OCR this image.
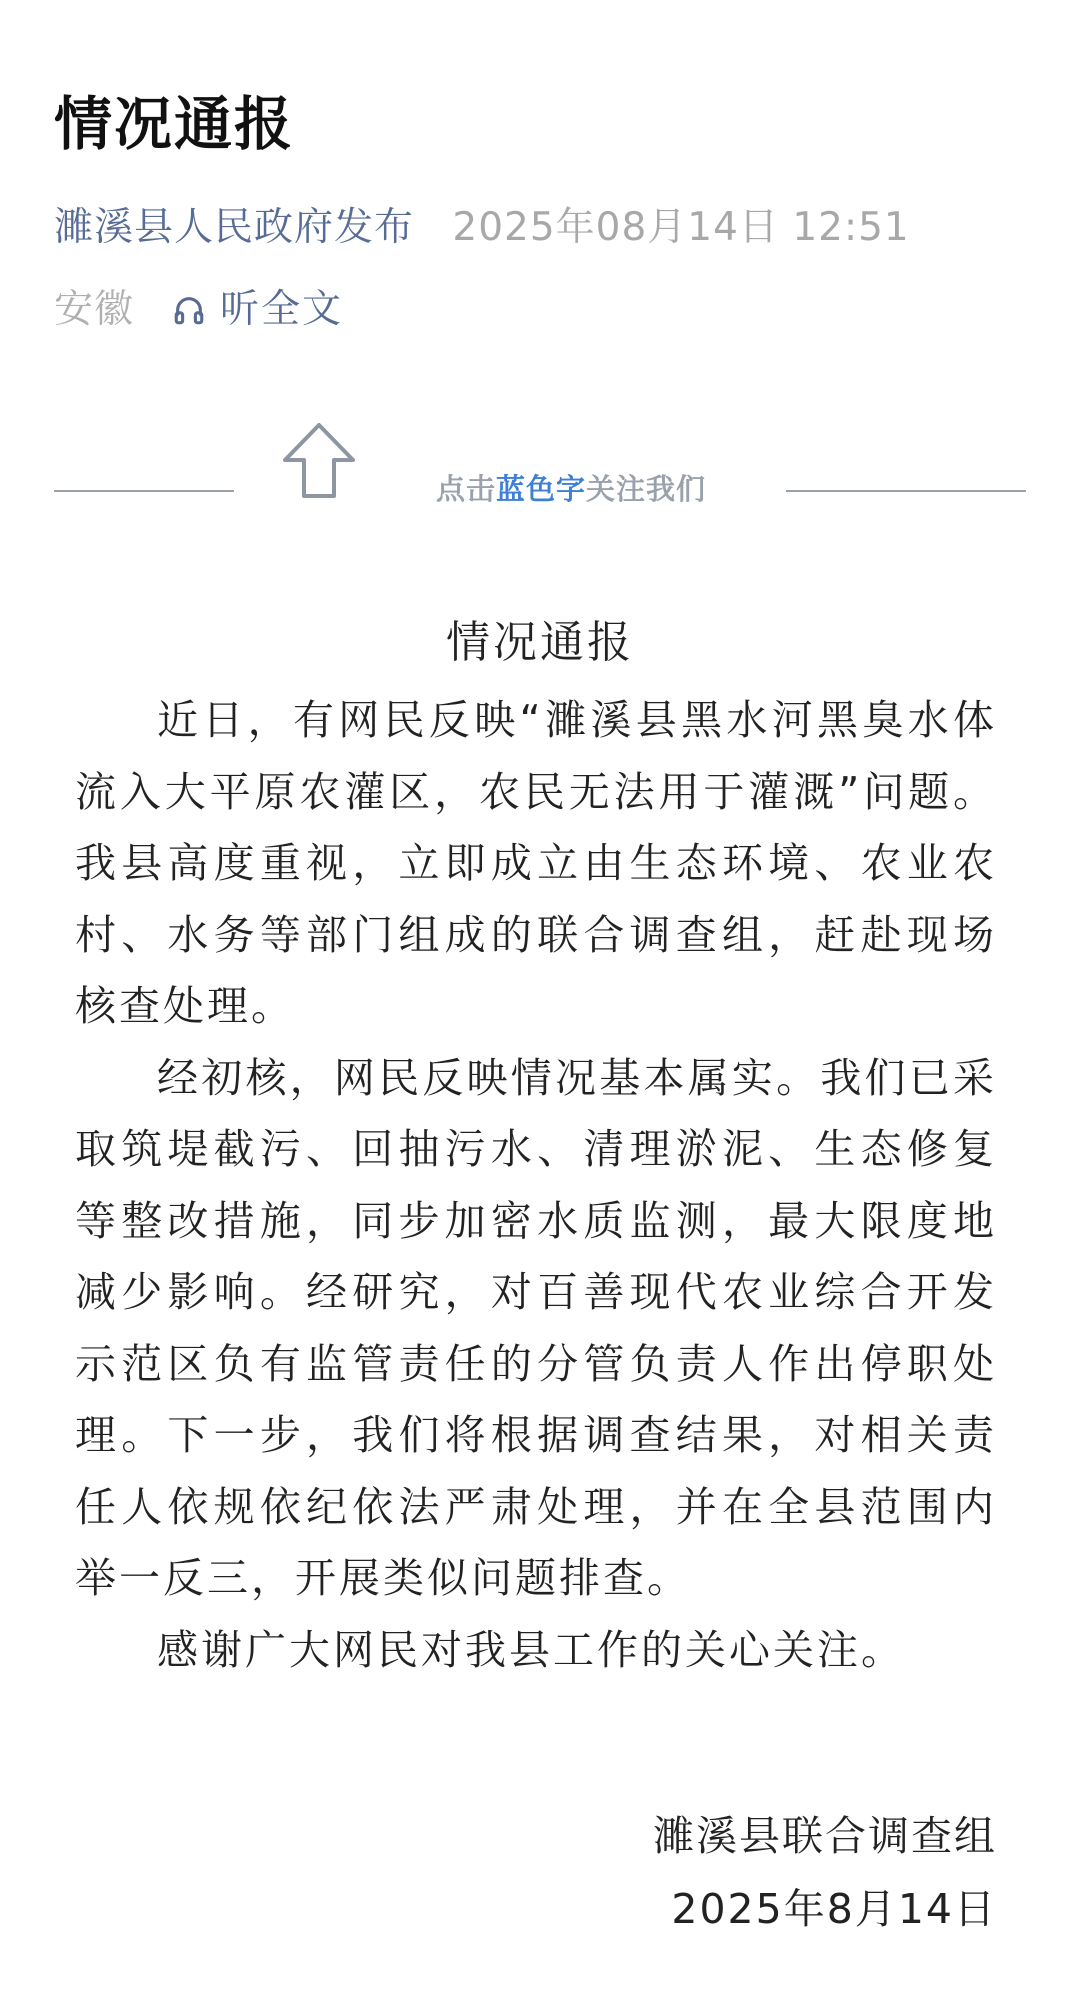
情况通报
濉溪县人民政府发布 2025年08月14日 12:51
安徽 听全文
点击蓝色字关注我们
情况通报

近日，有网民反映“濉溪县黑水河黑臭水体流入大平原农灌区，农民无法用于灌溉”问题。我县高度重视，立即成立由生态环境、农业农村、水务等部门组成的联合调查组，赶赴现场核查处理。

经初核，网民反映情况基本属实。我们已采取筑堤截污、回抽污水、清理淤泥、生态修复等整改措施，同步加密水质监测，最大限度地减少影响。经研究，对百善现代农业综合开发示范区负有监管责任的分管负责人作出停职处理。下一步，我们将根据调查结果，对相关责任人依规依纪依法严肃处理，并在全县范围内举一反三，开展类似问题排查。

感谢广大网民对我县工作的关心关注。

濉溪县联合调查组
2025年8月14日
